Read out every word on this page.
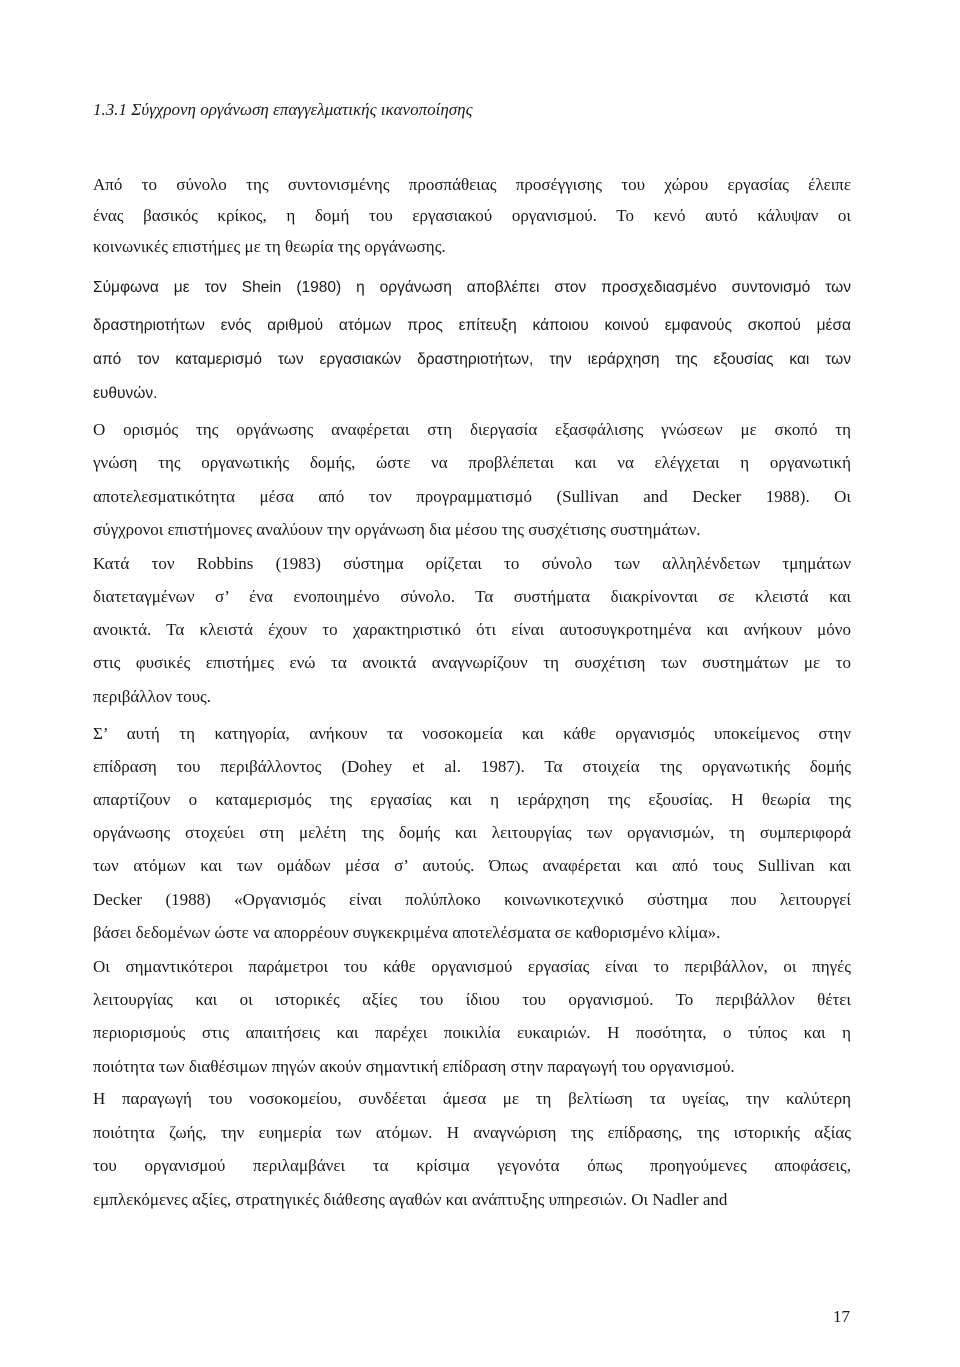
1.3.1 Σύγχρονη οργάνωση επαγγελματικής ικανοποίησης
Από το σύνολο της συντονισμένης προσπάθειας προσέγγισης του χώρου εργασίας έλειπε
ένας βασικός κρίκος, η δομή του εργασιακού οργανισμού. Το κενό αυτό κάλυψαν οι
κοινωνικές επιστήμες με τη θεωρία της οργάνωσης.
Σύμφωνα με τον Shein (1980) η οργάνωση αποβλέπει στον προσχεδιασμένο συντονισμό των
δραστηριοτήτων ενός αριθμού ατόμων προς επίτευξη κάποιου κοινού εμφανούς σκοπού μέσα
από τον καταμερισμό των εργασιακών δραστηριοτήτων, την ιεράρχηση της εξουσίας και των
ευθυνών.
Ο ορισμός της οργάνωσης αναφέρεται στη διεργασία εξασφάλισης γνώσεων με σκοπό τη
γνώση της οργανωτικής δομής, ώστε να προβλέπεται και να ελέγχεται η οργανωτική
αποτελεσματικότητα μέσα από τον προγραμματισμό (Sullivan and Decker 1988). Οι
σύγχρονοι επιστήμονες αναλύουν την οργάνωση δια μέσου της συσχέτισης συστημάτων.
Κατά τον Robbins (1983) σύστημα ορίζεται το σύνολο των αλληλένδετων τμημάτων
διατεταγμένων σ’ ένα ενοποιημένο σύνολο. Τα συστήματα διακρίνονται σε κλειστά και
ανοικτά. Τα κλειστά έχουν το χαρακτηριστικό ότι είναι αυτοσυγκροτημένα και ανήκουν μόνο
στις φυσικές επιστήμες ενώ τα ανοικτά αναγνωρίζουν τη συσχέτιση των συστημάτων με το
περιβάλλον τους.
Σ’ αυτή τη κατηγορία, ανήκουν τα νοσοκομεία και κάθε οργανισμός υποκείμενος στην
επίδραση του περιβάλλοντος (Dohey et al. 1987). Τα στοιχεία της οργανωτικής δομής
απαρτίζουν ο καταμερισμός της εργασίας και η ιεράρχηση της εξουσίας. Η θεωρία της
οργάνωσης στοχεύει στη μελέτη της δομής και λειτουργίας των οργανισμών, τη συμπεριφορά
των ατόμων και των ομάδων μέσα σ’ αυτούς. Όπως αναφέρεται και από τους Sullivan και
Decker (1988) «Οργανισμός είναι πολύπλοκο κοινωνικοτεχνικό σύστημα που λειτουργεί
βάσει δεδομένων ώστε να απορρέουν συγκεκριμένα αποτελέσματα σε καθορισμένο κλίμα».
Οι σημαντικότεροι παράμετροι του κάθε οργανισμού εργασίας είναι το περιβάλλον, οι πηγές
λειτουργίας και οι ιστορικές αξίες του ίδιου του οργανισμού. Το περιβάλλον θέτει
περιορισμούς στις απαιτήσεις και παρέχει ποικιλία ευκαιριών. Η ποσότητα, ο τύπος και η
ποιότητα των διαθέσιμων πηγών ακούν σημαντική επίδραση στην παραγωγή του οργανισμού.
Η παραγωγή του νοσοκομείου, συνδέεται άμεσα με τη βελτίωση τα υγείας, την καλύτερη
ποιότητα ζωής, την ευημερία των ατόμων. Η αναγνώριση της επίδρασης, της ιστορικής αξίας
του οργανισμού περιλαμβάνει τα κρίσιμα γεγονότα όπως προηγούμενες αποφάσεις,
εμπλεκόμενες αξίες, στρατηγικές διάθεσης αγαθών και ανάπτυξης υπηρεσιών. Οι Nadler and
17
